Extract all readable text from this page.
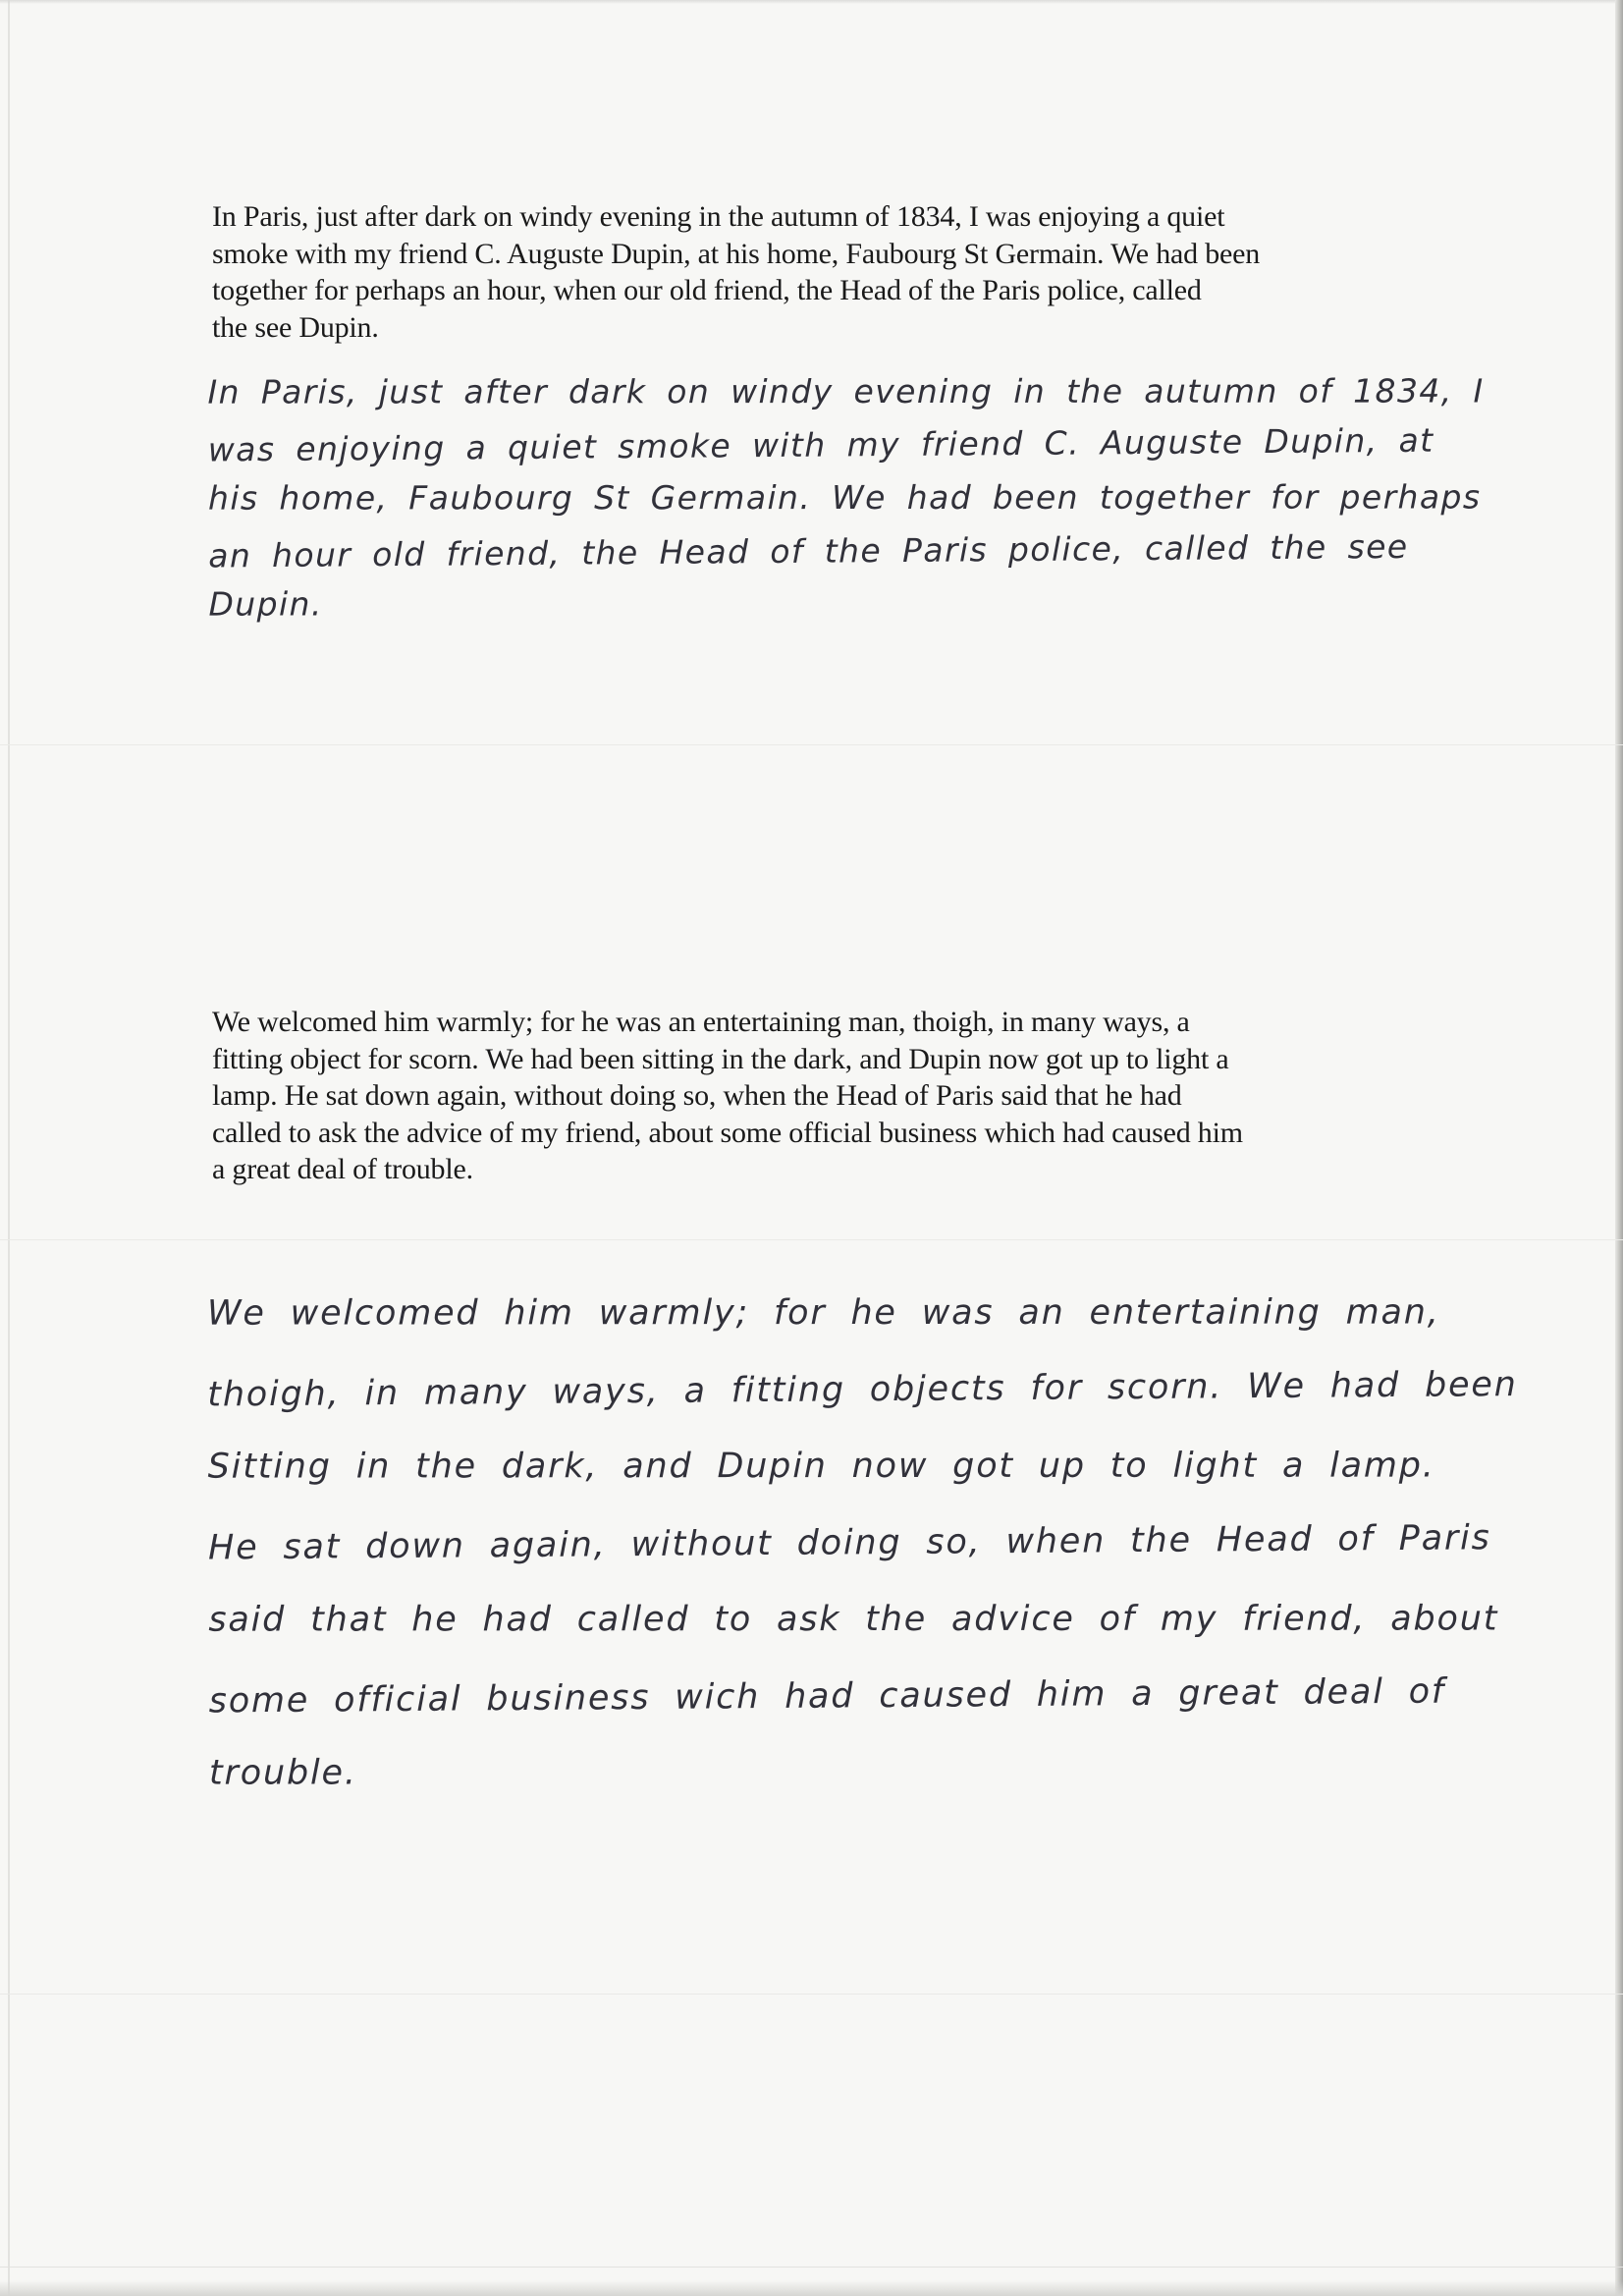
In Paris, just after dark on windy evening in the autumn of 1834, I was enjoying a quiet
smoke with my friend C. Auguste Dupin, at his home, Faubourg St Germain. We had been
together for perhaps an hour, when our old friend, the Head of the Paris police, called
the see Dupin.
In Paris, just after dark on windy evening in the autumn of 1834, I
was enjoying a quiet smoke with my friend C. Auguste Dupin, at
his home, Faubourg St Germain. We had been together for perhaps
an hour old friend, the Head of the Paris police, called the see
Dupin.
We welcomed him warmly; for he was an entertaining man, thoigh, in many ways, a
fitting object for scorn. We had been sitting in the dark, and Dupin now got up to light a
lamp. He sat down again, without doing so, when the Head of Paris said that he had
called to ask the advice of my friend, about some official business which had caused him
a great deal of trouble.
We welcomed him warmly; for he was an entertaining man,
thoigh, in many ways, a fitting objects for scorn. We had been
Sitting in the dark, and Dupin now got up to light a lamp.
He sat down again, without doing so, when the Head of Paris
said that he had called to ask the advice of my friend, about
some official business wich had caused him a great deal of
trouble.
